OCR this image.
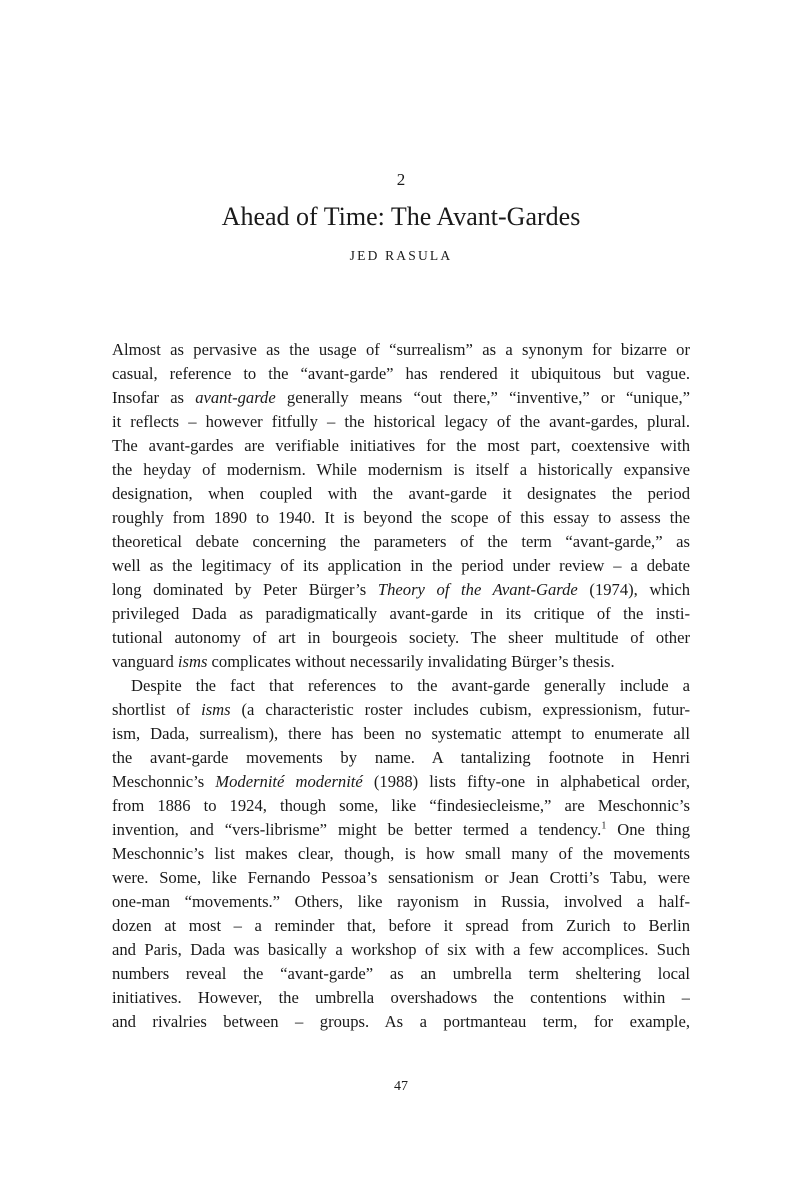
2
Ahead of Time: The Avant-Gardes
JED RASULA
Almost as pervasive as the usage of “surrealism” as a synonym for bizarre or
casual, reference to the “avant-garde” has rendered it ubiquitous but vague.
Insofar as avant-garde generally means “out there,” “inventive,” or “unique,”
it reflects – however fitfully – the historical legacy of the avant-gardes, plural.
The avant-gardes are verifiable initiatives for the most part, coextensive with
the heyday of modernism. While modernism is itself a historically expansive
designation, when coupled with the avant-garde it designates the period
roughly from 1890 to 1940. It is beyond the scope of this essay to assess the
theoretical debate concerning the parameters of the term “avant-garde,” as
well as the legitimacy of its application in the period under review – a debate
long dominated by Peter Bürger’s Theory of the Avant-Garde (1974), which
privileged Dada as paradigmatically avant-garde in its critique of the insti-
tutional autonomy of art in bourgeois society. The sheer multitude of other
vanguard isms complicates without necessarily invalidating Bürger’s thesis.
Despite the fact that references to the avant-garde generally include a
shortlist of isms (a characteristic roster includes cubism, expressionism, futur-
ism, Dada, surrealism), there has been no systematic attempt to enumerate all
the avant-garde movements by name. A tantalizing footnote in Henri
Meschonnic’s Modernité modernité (1988) lists fifty-one in alphabetical order,
from 1886 to 1924, though some, like “findesiecleisme,” are Meschonnic’s
invention, and “vers-librisme” might be better termed a tendency.$^1$ One thing
Meschonnic’s list makes clear, though, is how small many of the movements
were. Some, like Fernando Pessoa’s sensationism or Jean Crotti’s Tabu, were
one-man “movements.” Others, like rayonism in Russia, involved a half-
dozen at most – a reminder that, before it spread from Zurich to Berlin
and Paris, Dada was basically a workshop of six with a few accomplices. Such
numbers reveal the “avant-garde” as an umbrella term sheltering local
initiatives. However, the umbrella overshadows the contentions within –
and rivalries between – groups. As a portmanteau term, for example,
47
